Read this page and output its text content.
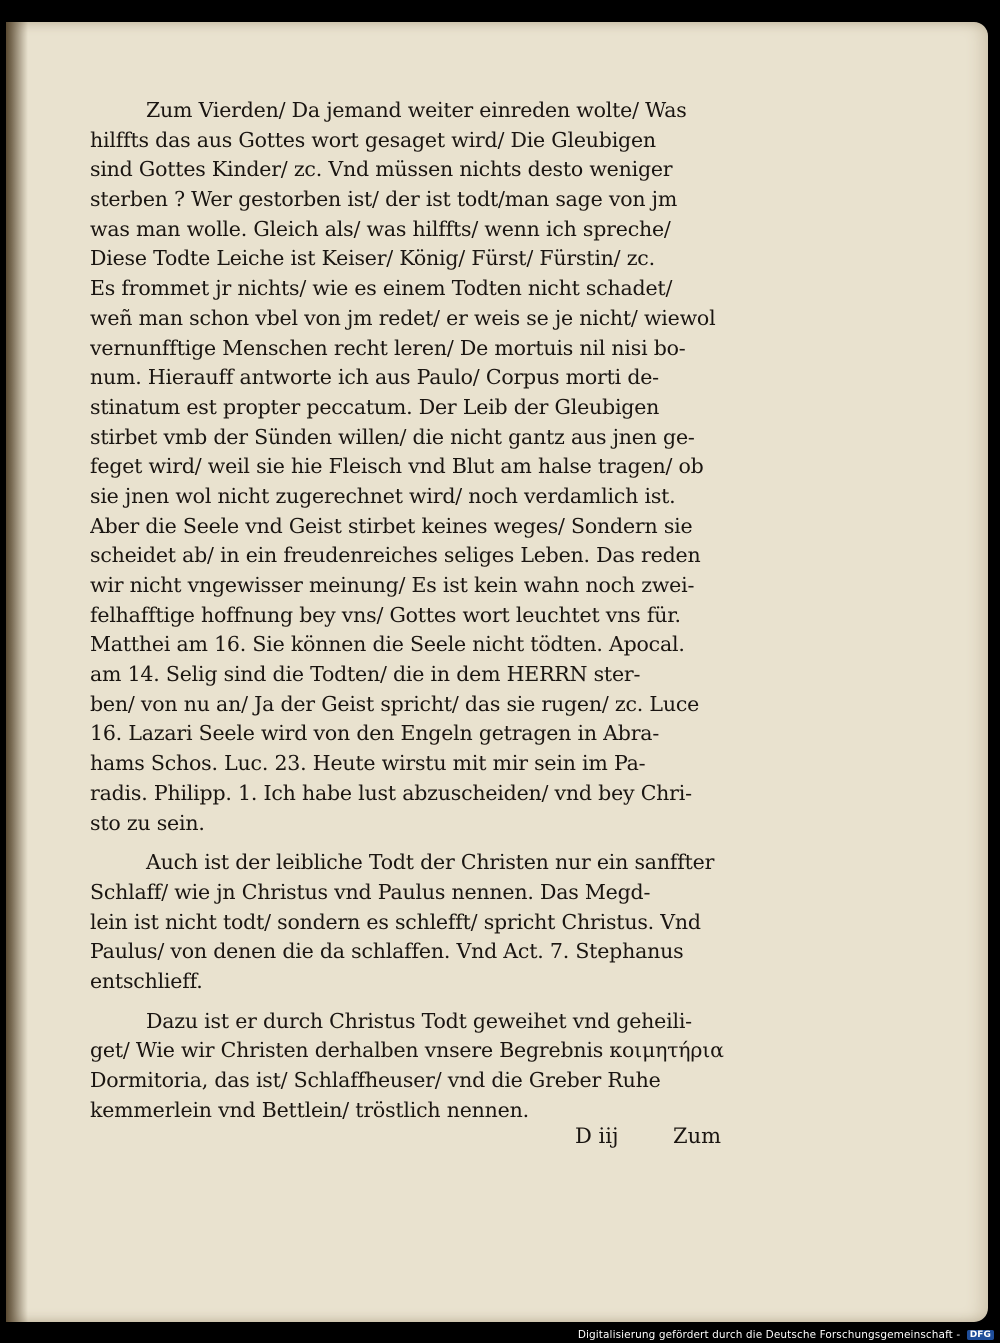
Zum Vierden/ Da jemand weiter einreden wolte/ Was
hilffts das aus Gottes wort gesaget wird/ Die Gleubigen
sind Gottes Kinder/ zc. Vnd müssen nichts desto weniger
sterben ? Wer gestorben ist/ der ist todt/man sage von jm
was man wolle. Gleich als/ was hilffts/ wenn ich spreche/
Diese Todte Leiche ist Keiser/ König/ Fürst/ Fürstin/ zc.
Es frommet jr nichts/ wie es einem Todten nicht schadet/
weñ man schon vbel von jm redet/ er weis se je nicht/ wiewol
vernunfftige Menschen recht leren/ De mortuis nil nisi bo-
num. Hierauff antworte ich aus Paulo/ Corpus morti de-
stinatum est propter peccatum. Der Leib der Gleubigen
stirbet vmb der Sünden willen/ die nicht gantz aus jnen ge-
feget wird/ weil sie hie Fleisch vnd Blut am halse tragen/ ob
sie jnen wol nicht zugerechnet wird/ noch verdamlich ist.
Aber die Seele vnd Geist stirbet keines weges/ Sondern sie
scheidet ab/ in ein freudenreiches seliges Leben. Das reden
wir nicht vngewisser meinung/ Es ist kein wahn noch zwei-
felhafftige hoffnung bey vns/ Gottes wort leuchtet vns für.
Matthei am 16. Sie können die Seele nicht tödten. Apocal.
am 14. Selig sind die Todten/ die in dem HERRN ster-
ben/ von nu an/ Ja der Geist spricht/ das sie rugen/ zc. Luce
16. Lazari Seele wird von den Engeln getragen in Abra-
hams Schos. Luc. 23. Heute wirstu mit mir sein im Pa-
radis. Philipp. 1. Ich habe lust abzuscheiden/ vnd bey Chri-
sto zu sein.
Auch ist der leibliche Todt der Christen nur ein sanffter
Schlaff/ wie jn Christus vnd Paulus nennen. Das Megd-
lein ist nicht todt/ sondern es schlefft/ spricht Christus. Vnd
Paulus/ von denen die da schlaffen. Vnd Act. 7. Stephanus
entschlieff.
Dazu ist er durch Christus Todt geweihet vnd geheili-
get/ Wie wir Christen derhalben vnsere Begrebnis κοιμητήρια
Dormitoria, das ist/ Schlaffheuser/ vnd die Greber Ruhe
kemmerlein vnd Bettlein/ tröstlich nennen.
D iij	Zum
Digitalisierung gefördert durch die Deutsche Forschungsgemeinschaft - DFG
